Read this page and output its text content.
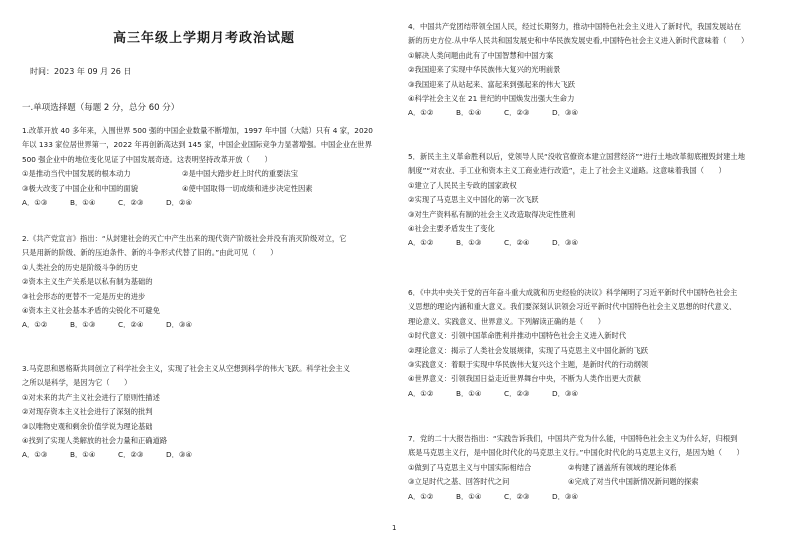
高三年级上学期月考政治试题
时间：2023 年 09 月 26 日
一.单项选择题（每题 2 分，总分 60 分）

1.改革开放 40 多年来，入围世界 500 强的中国企业数量不断增加，1997 年中国（大陆）只有 4 家，2020

年以 133 家位居世界第一，2022 年再创新高达到 145 家，中国企业国际竞争力显著增强。中国企业在世界

500 强企业中的地位变化见证了中国发展奇迹。这表明坚持改革开放（　　）

①是推动当代中国发展的根本动力	②是中国大踏步赶上时代的重要法宝
③极大改变了中国企业和中国的面貌	④使中国取得一切成绩和进步决定性因素
A．①③	B．①④	C．②③	D．②④

2.《共产党宣言》指出：“从封建社会的灭亡中产生出来的现代资产阶级社会并没有消灭阶级对立，它

只是用新的阶级、新的压迫条件、新的斗争形式代替了旧的。”由此可见（　　）

①人类社会的历史是阶级斗争的历史

②资本主义生产关系是以私有制为基础的

③社会形态的更替不一定是历史的进步

④资本主义社会基本矛盾的尖锐化不可避免

A．①②	B．①③	C．②④	D．③④

3.马克思和恩格斯共同创立了科学社会主义，实现了社会主义从空想到科学的伟大飞跃。科学社会主义

之所以是科学，是因为它（　　）

①对未来的共产主义社会进行了原则性描述

②对现存资本主义社会进行了深刻的批判

③以唯物史观和剩余价值学说为理论基础

④找到了实现人类解放的社会力量和正确道路

A．①③	B．①④	C．②③	D．③④

4．中国共产党团结带领全国人民，经过长期努力，推动中国特色社会主义进入了新时代，我国发展站在

新的历史方位.从中华人民共和国发展史和中华民族发展史看,中国特色社会主义进入新时代意味着（　　）

①解决人类问题由此有了中国智慧和中国方案

②我国迎来了实现中华民族伟大复兴的光明前景

③我国迎来了从站起来、富起来到强起来的伟大飞跃

④科学社会主义在 21 世纪的中国焕发出强大生命力

A．①②	B．①④	C．②③	D．③④

5．新民主主义革命胜利以后，党领导人民“没收官僚资本建立国营经济”“进行土地改革彻底摧毁封建土地

制度”“对农业、手工业和资本主义工商业进行改造”，走上了社会主义道路。这意味着我国（　　）

①建立了人民民主专政的国家政权

②实现了马克思主义中国化的第一次飞跃

③对生产资料私有制的社会主义改造取得决定性胜利

④社会主要矛盾发生了变化

A．①②	B．①③	C．②④	D．③④

6．《中共中央关于党的百年奋斗重大成就和历史经验的决议》科学阐明了习近平新时代中国特色社会主

义思想的理论内涵和重大意义。我们要深刻认识领会习近平新时代中国特色社会主义思想的时代意义、

理论意义、实践意义、世界意义。下列解读正确的是（　　）

①时代意义：引领中国革命胜利并推动中国特色社会主义进入新时代

②理论意义：揭示了人类社会发展规律，实现了马克思主义中国化新的飞跃

③实践意义：着眼于实现中华民族伟大复兴这个主题，是新时代的行动纲领

④世界意义：引领我国日益走近世界舞台中央，不断为人类作出更大贡献

A．①②	B．①④	C．②③	D．③④

7．党的二十大报告指出：“实践告诉我们，中国共产党为什么能，中国特色社会主义为什么好，归根到

底是马克思主义行，是中国化时代化的马克思主义行。”中国化时代化的马克思主义行，是因为她（　　）

①做到了马克思主义与中国实际相结合	②构建了涵盖所有领域的理论体系
③立足时代之基、回答时代之问	④完成了对当代中国新情况新问题的探索
A．①②	B．①④	C．②③	D．③④
1
